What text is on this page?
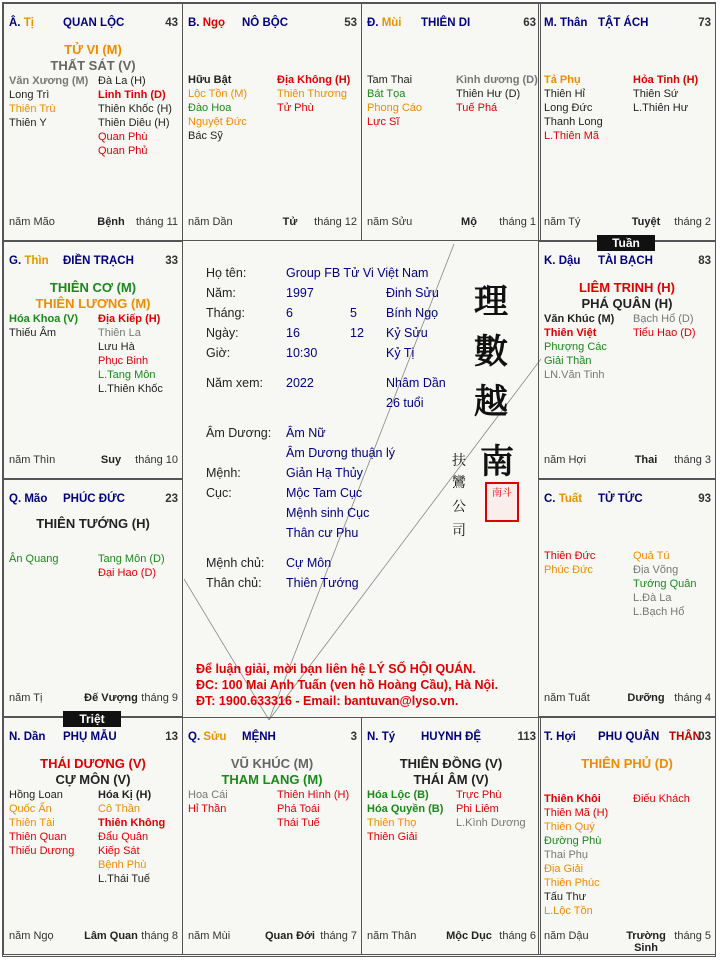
Họ tên:	Group FB Tử Vi Việt Nam
Năm:	1997	Đinh Sửu
Tháng:	6	5 Bính Ngọ
Ngày:	16	12 Kỷ Sửu
Giờ:	10:30	Kỷ Tị
Năm xem: 2022	Nhâm Dần
26 tuổi
Âm Dương: Âm Nữ
Âm Dương thuận lý
Mệnh:	Giản Hạ Thủy
Cục:	Mộc Tam Cục
Mệnh sinh Cục
Thân cư Phu
Mệnh chủ: Cự Môn
Thân chủ: Thiên Tướng
理
數
越
南
扶
鸞
公
司
南斗
Để luận giải, mời bạn liên hệ LÝ SỐ HỘI QUÁN.
ĐC: 100 Mai Anh Tuấn (ven hồ Hoàng Cầu), Hà Nội.
ĐT: 1900.633316 - Email: bantuvan@lyso.vn.
Â. Tị	QUAN LỘC	43
TỬ VI (M)
THẤT SÁT (V)
Văn Xương (M)
Long Trì
Thiên Trù
Thiên Y
Đà La (H)
Linh Tinh (D)
Thiên Khốc (H)
Thiên Diêu (H)
Quan Phù
Quan Phủ
năm Mão	Bệnh	tháng 11
B. Ngọ NÔ BỘC	53
Hữu Bật
Lộc Tồn (M)
Đào Hoa
Nguyệt Đức
Bác Sỹ
Địa Không (H)
Thiên Thương
Tử Phù
năm Dần	Tử	tháng 12
Đ. Mùi THIÊN DI	63
Tam Thai
Bát Tọa
Phong Cáo
Lực Sĩ
Kình dương (D)
Thiên Hư (D)
Tuế Phá
năm Sửu	Mộ	tháng 1
M. Thân TẬT ÁCH	73
Tả Phụ
Thiên Hỉ
Long Đức
Thanh Long
L.Thiên Mã
Hỏa Tinh (H)
Thiên Sứ
L.Thiên Hư
năm Tý	Tuyệt	tháng 2
G. Thìn ĐIỀN TRẠCH	33
THIÊN CƠ (M)
THIÊN LƯƠNG (M)
Hóa Khoa (V)
Thiếu Âm
Địa Kiếp (H)
Thiên La
Lưu Hà
Phục Binh
L.Tang Môn
L.Thiên Khốc
năm Thìn	Suy	tháng 10
K. Dậu TÀI BẠCH	83
LIÊM TRINH (H)
PHÁ QUÂN (H)
Văn Khúc (M)
Thiên Việt
Phượng Các
Giải Thần
LN.Văn Tinh
Bạch Hổ (D)
Tiểu Hao (D)
năm Hợi	Thai	tháng 3
Q. Mão PHÚC ĐỨC	23
THIÊN TƯỚNG (H)
Ân Quang	Tang Môn (D)
Đại Hao (D)
năm Tị	Đế Vượng tháng 9
C. Tuất TỬ TỨC	93
Thiên Đức
Phúc Đức
Quả Tú
Địa Võng
Tướng Quân
L.Đà La
L.Bạch Hổ
năm Tuất	Dưỡng tháng 4
N. Dần PHỤ MẪU	13
THÁI DƯƠNG (V)
CỰ MÔN (V)
Hồng Loan
Quốc Ấn
Thiên Tài
Thiên Quan
Thiếu Dương
Hóa Kị (H)
Cô Thần
Thiên Không
Đẩu Quân
Kiếp Sát
Bệnh Phù
L.Thái Tuế
năm Ngọ	Lâm Quan tháng 8
Q. Sửu MỆNH	3
VŨ KHÚC (M)
THAM LANG (M)
Hoa Cái
Hỉ Thần
Thiên Hình (H)
Phá Toái
Thái Tuế
năm Mùi	Quan Đới tháng 7
N. Tý HUYNH ĐỆ	113
THIÊN ĐỒNG (V)
THÁI ÂM (V)
Hóa Lộc (B)
Hóa Quyền (B)
Thiên Thọ
Thiên Giải
Trực Phù
Phi Liêm
L.Kình Dương
năm Thân	Mộc Dục tháng 6
T. Hợi PHU QUÂN THÂN
03
THIÊN PHỦ (D)
Thiên Khôi
Thiên Mã (H)
Thiên Quý
Đường Phù
Thai Phụ
Địa Giải
Thiên Phúc
Tấu Thư
L.Lộc Tồn
Điếu Khách
năm Dậu	Trường Sinh
tháng 5
Tuần
Triệt
